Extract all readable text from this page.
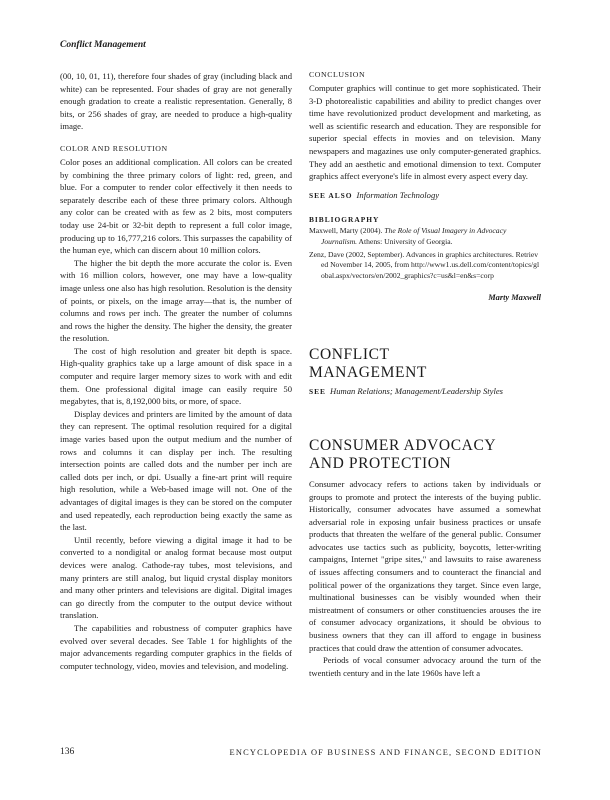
Conflict Management

(00, 10, 01, 11), therefore four shades of gray (including black and white) can be represented. Four shades of gray are not generally enough gradation to create a realistic representation. Generally, 8 bits, or 256 shades of gray, are needed to produce a high-quality image.

COLOR AND RESOLUTION

Color poses an additional complication. All colors can be created by combining the three primary colors of light: red, green, and blue. For a computer to render color effectively it then needs to separately describe each of these three primary colors. Although any color can be created with as few as 2 bits, most computers today use 24-bit or 32-bit depth to represent a full color image, producing up to 16,777,216 colors. This surpasses the capability of the human eye, which can discern about 10 million colors.

The higher the bit depth the more accurate the color is. Even with 16 million colors, however, one may have a low-quality image unless one also has high resolution. Resolution is the density of points, or pixels, on the image array—that is, the number of columns and rows per inch. The greater the number of columns and rows the higher the density. The higher the density, the greater the resolution.

The cost of high resolution and greater bit depth is space. High-quality graphics take up a large amount of disk space in a computer and require larger memory sizes to work with and edit them. One professional digital image can easily require 50 megabytes, that is, 8,192,000 bits, or more, of space.

Display devices and printers are limited by the amount of data they can represent. The optimal resolution required for a digital image varies based upon the output medium and the number of rows and columns it can display per inch. The resulting intersection points are called dots and the number per inch are called dots per inch, or dpi. Usually a fine-art print will require high resolution, while a Web-based image will not. One of the advantages of digital images is they can be stored on the computer and used repeatedly, each reproduction being exactly the same as the last.

Until recently, before viewing a digital image it had to be converted to a nondigital or analog format because most output devices were analog. Cathode-ray tubes, most televisions, and many printers are still analog, but liquid crystal display monitors and many other printers and televisions are digital. Digital images can go directly from the computer to the output device without translation.

The capabilities and robustness of computer graphics have evolved over several decades. See Table 1 for highlights of the major advancements regarding computer graphics in the fields of computer technology, video, movies and television, and modeling.

CONCLUSION

Computer graphics will continue to get more sophisticated. Their 3-D photorealistic capabilities and ability to predict changes over time have revolutionized product development and marketing, as well as scientific research and education. They are responsible for superior special effects in movies and on television. Many newspapers and magazines use only computer-generated graphics. They add an aesthetic and emotional dimension to text. Computer graphics affect everyone's life in almost every aspect every day.

SEE ALSO Information Technology
BIBLIOGRAPHY

Maxwell, Marty (2004). The Role of Visual Imagery in Advocacy Journalism. Athens: University of Georgia.

Zenz, Dave (2002, September). Advances in graphics architectures. Retrieved November 14, 2005, from http://www1.us.dell.com/content/topics/global.aspx/vectors/en/2002_graphics?c=us&l=en&s=corp

Marty Maxwell
CONFLICT
MANAGEMENT
SEE Human Relations; Management/Leadership Styles
CONSUMER ADVOCACY
AND PROTECTION

Consumer advocacy refers to actions taken by individuals or groups to promote and protect the interests of the buying public. Historically, consumer advocates have assumed a somewhat adversarial role in exposing unfair business practices or unsafe products that threaten the welfare of the general public. Consumer advocates use tactics such as publicity, boycotts, letter-writing campaigns, Internet "gripe sites," and lawsuits to raise awareness of issues affecting consumers and to counteract the financial and political power of the organizations they target. Since even large, multinational businesses can be visibly wounded when their mistreatment of consumers or other constituencies arouses the ire of consumer advocacy organizations, it should be obvious to business owners that they can ill afford to engage in business practices that could draw the attention of consumer advocates.

Periods of vocal consumer advocacy around the turn of the twentieth century and in the late 1960s have left a

136	ENCYCLOPEDIA OF BUSINESS AND FINANCE, SECOND EDITION
